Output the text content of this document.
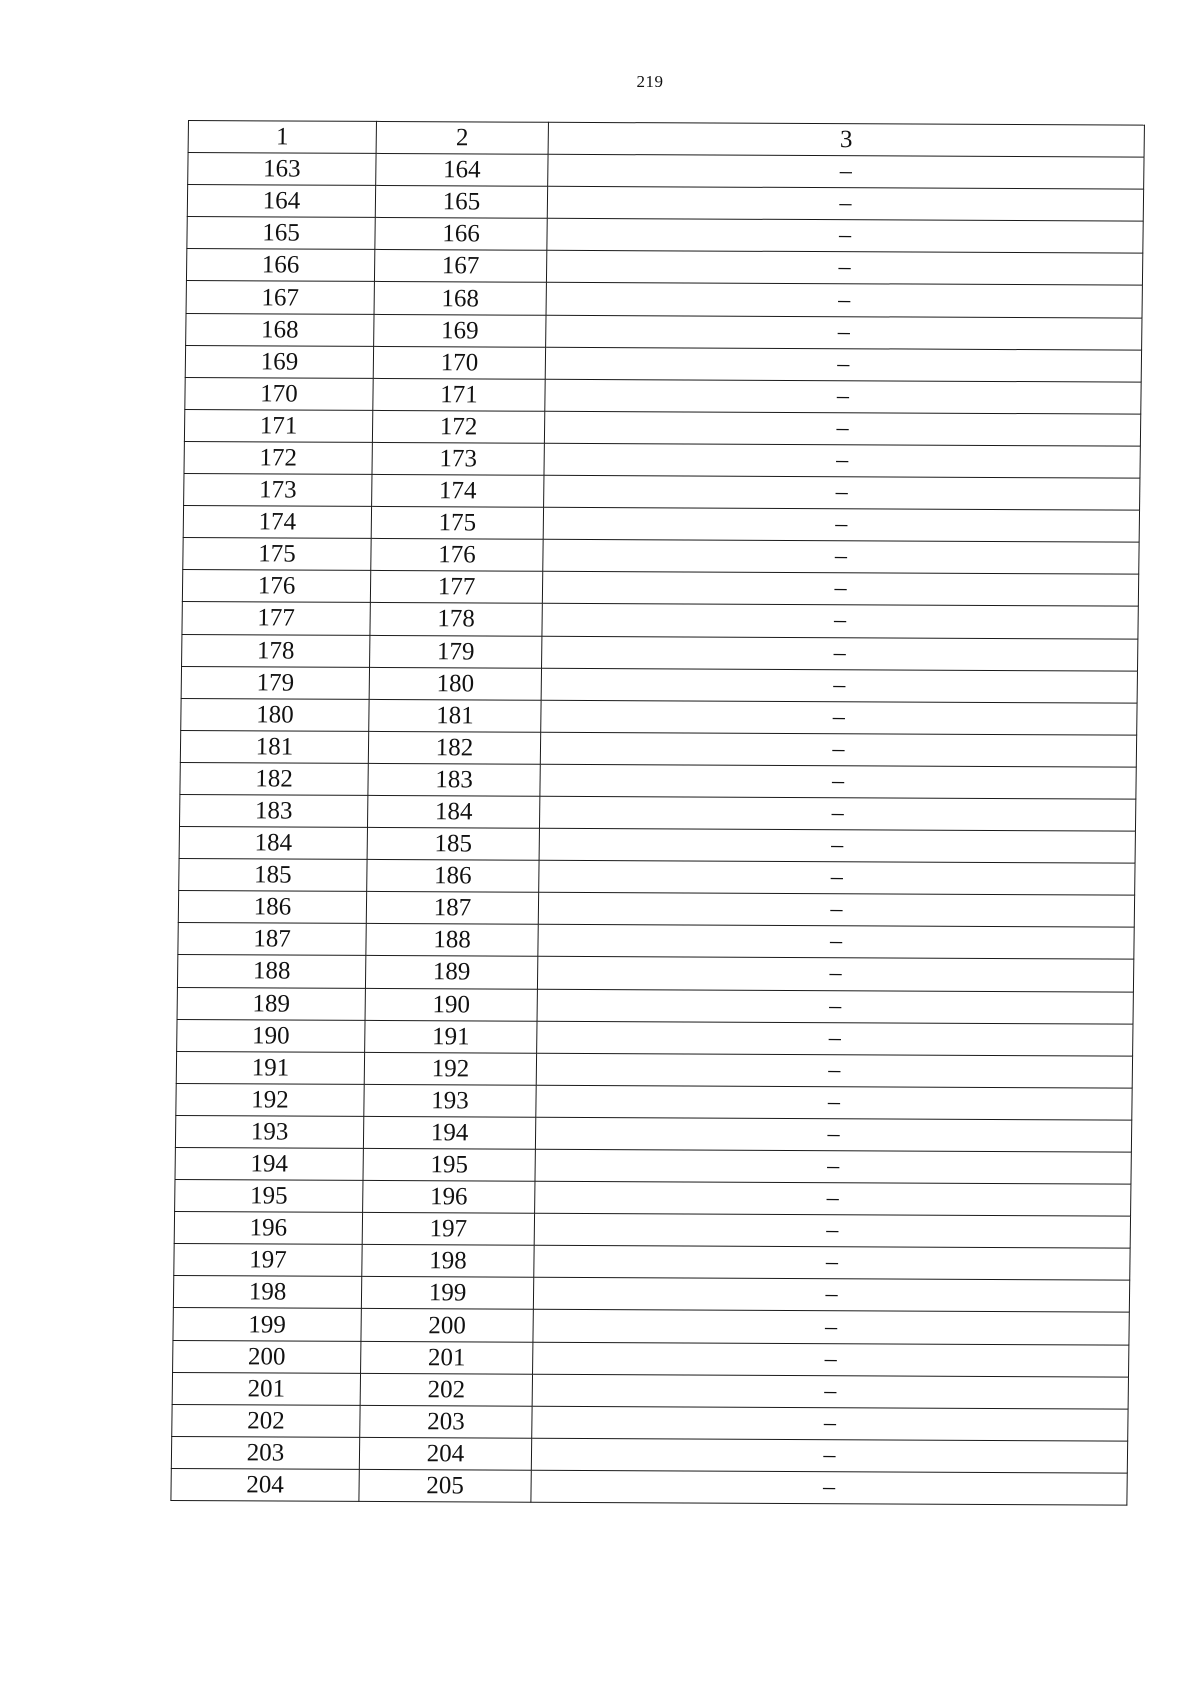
219
1	2	3
163	164	–
164	165	–
165	166	–
166	167	–
167	168	–
168	169	–
169	170	–
170	171	–
171	172	–
172	173	–
173	174	–
174	175	–
175	176	–
176	177	–
177	178	–
178	179	–
179	180	–
180	181	–
181	182	–
182	183	–
183	184	–
184	185	–
185	186	–
186	187	–
187	188	–
188	189	–
189	190	–
190	191	–
191	192	–
192	193	–
193	194	–
194	195	–
195	196	–
196	197	–
197	198	–
198	199	–
199	200	–
200	201	–
201	202	–
202	203	–
203	204	–
204	205	–
